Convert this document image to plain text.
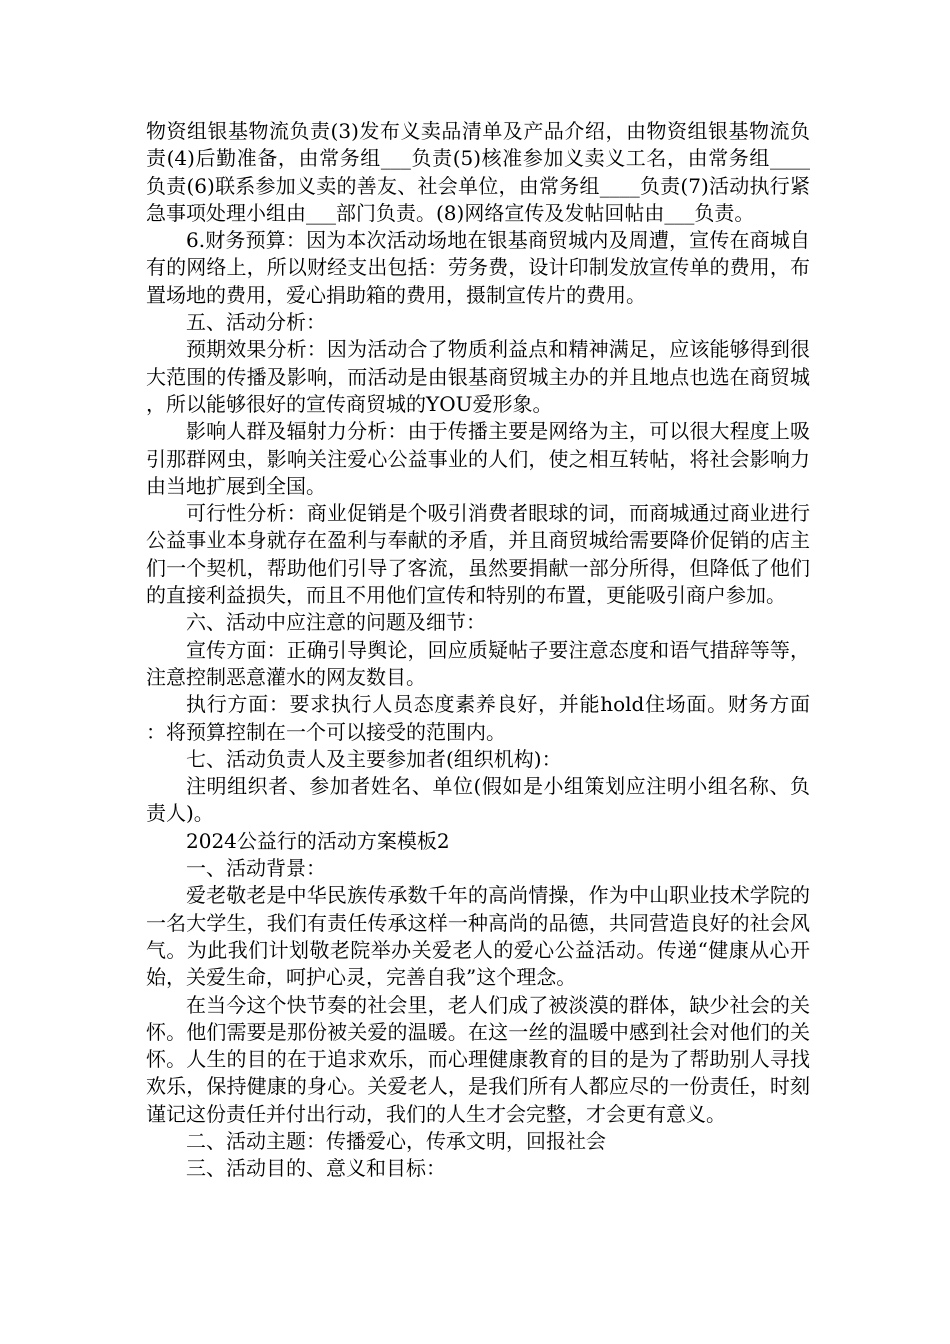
物资组银基物流负责(3)发布义卖品清单及产品介绍，由物资组银基物流负责(4)后勤准备，由常务组___负责(5)核准参加义卖义工名，由常务组____负责(6)联系参加义卖的善友、社会单位，由常务组____负责(7)活动执行紧急事项处理小组由___部门负责。(8)网络宣传及发帖回帖由___负责。

6.财务预算：因为本次活动场地在银基商贸城内及周遭，宣传在商城自有的网络上，所以财经支出包括：劳务费，设计印制发放宣传单的费用，布置场地的费用，爱心捐助箱的费用，摄制宣传片的费用。

五、活动分析：

预期效果分析：因为活动合了物质利益点和精神满足，应该能够得到很大范围的传播及影响，而活动是由银基商贸城主办的并且地点也选在商贸城，所以能够很好的宣传商贸城的YOU爱形象。

影响人群及辐射力分析：由于传播主要是网络为主，可以很大程度上吸引那群网虫，影响关注爱心公益事业的人们，使之相互转帖，将社会影响力由当地扩展到全国。

可行性分析：商业促销是个吸引消费者眼球的词，而商城通过商业进行公益事业本身就存在盈利与奉献的矛盾，并且商贸城给需要降价促销的店主们一个契机，帮助他们引导了客流，虽然要捐献一部分所得，但降低了他们的直接利益损失，而且不用他们宣传和特别的布置，更能吸引商户参加。

六、活动中应注意的问题及细节：

宣传方面：正确引导舆论，回应质疑帖子要注意态度和语气措辞等等，注意控制恶意灌水的网友数目。

执行方面：要求执行人员态度素养良好，并能hold住场面。财务方面：将预算控制在一个可以接受的范围内。

七、活动负责人及主要参加者(组织机构)：

注明组织者、参加者姓名、单位(假如是小组策划应注明小组名称、负责人)。

2024公益行的活动方案模板2

一、活动背景：

爱老敬老是中华民族传承数千年的高尚情操，作为中山职业技术学院的一名大学生，我们有责任传承这样一种高尚的品德，共同营造良好的社会风气。为此我们计划敬老院举办关爱老人的爱心公益活动。传递“健康从心开始，关爱生命，呵护心灵，完善自我”这个理念。

在当今这个快节奏的社会里，老人们成了被淡漠的群体，缺少社会的关怀。他们需要是那份被关爱的温暖。在这一丝的温暖中感到社会对他们的关怀。人生的目的在于追求欢乐，而心理健康教育的目的是为了帮助别人寻找欢乐，保持健康的身心。关爱老人，是我们所有人都应尽的一份责任，时刻谨记这份责任并付出行动，我们的人生才会完整，才会更有意义。

二、活动主题：传播爱心，传承文明，回报社会

三、活动目的、意义和目标：
